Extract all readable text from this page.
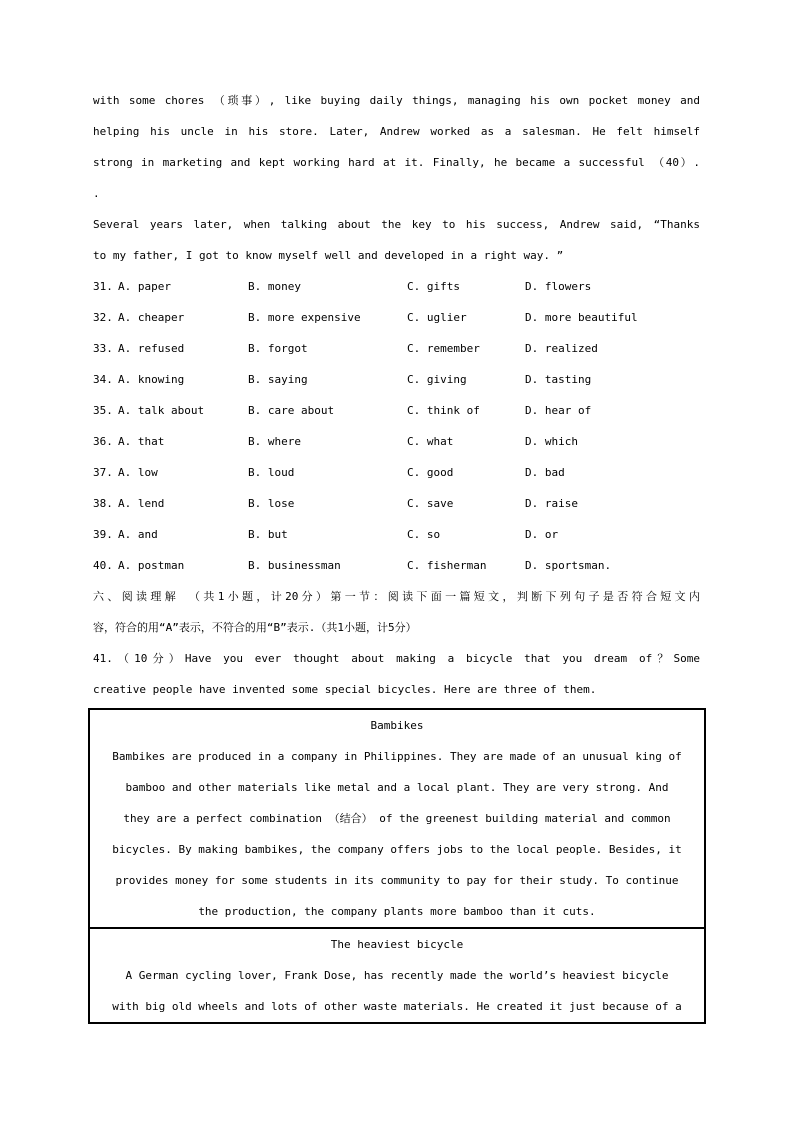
with some chores （琐事）, like buying daily things, managing his own pocket money and
helping his uncle in his store. Later, Andrew worked as a salesman. He felt himself
strong in marketing and kept working hard at it. Finally, he became a successful （40）.
.
Several years later, when talking about the key to his success, Andrew said, “Thanks
to my father, I got to know myself well and developed in a right way. ”
31. A. paper	B. money	C. gifts	D. flowers
32. A. cheaper	B. more expensive	C. uglier	D. more beautiful
33. A. refused	B. forgot	C. remember	D. realized
34. A. knowing	B. saying	C. giving	D. tasting
35. A. talk about	B. care about	C. think of	D. hear of
36. A. that	B. where	C. what	D. which
37. A. low	B. loud	C. good	D. bad
38. A. lend	B. lose	C. save	D. raise
39. A. and	B. but	C. so	D. or
40. A. postman	B. businessman	C. fisherman	D. sportsman.
六、阅读理解 （共1小题，计20分）第一节：阅读下面一篇短文，判断下列句子是否符合短文内
容，符合的用“A”表示，不符合的用“B”表示.（共1小题，计5分）
41.（10分）Have you ever thought about making a bicycle that you dream of？Some
creative people have invented some special bicycles. Here are three of them.
Bambikes
Bambikes are produced in a company in Philippines. They are made of an unusual king of
bamboo and other materials like metal and a local plant. They are very strong. And
they are a perfect combination （结合） of the greenest building material and common
bicycles. By making bambikes, the company offers jobs to the local people. Besides, it
provides money for some students in its community to pay for their study. To continue
the production, the company plants more bamboo than it cuts.
The heaviest bicycle
A German cycling lover, Frank Dose, has recently made the world’s heaviest bicycle
with big old wheels and lots of other waste materials. He created it just because of a
